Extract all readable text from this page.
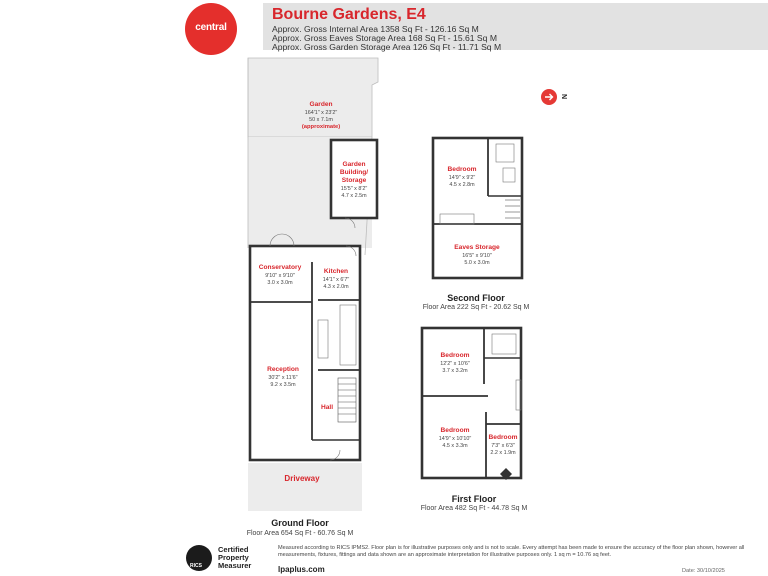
central
Bourne Gardens, E4
Approx. Gross Internal Area 1358 Sq Ft - 126.16 Sq M
Approx. Gross Eaves Storage Area 168 Sq Ft - 15.61 Sq M
Approx. Gross Garden Storage Area 126 Sq Ft - 11.71 Sq M
N
Garden
164'1" x 23'2"
50 x 7.1m
(approximate)
Garden
Building/
Storage
15'5" x 8'2"
4.7 x 2.5m
Conservatory
9'10" x 9'10"
3.0 x 3.0m
Kitchen
14'1" x 6'7"
4.3 x 2.0m
Reception
30'2" x 11'6"
9.2 x 3.5m
Hall
Driveway
Bedroom
14'9" x 9'2"
4.5 x 2.8m
Eaves Storage
16'5" x 9'10"
5.0 x 3.0m
Bedroom
12'2" x 10'6"
3.7 x 3.2m
Bedroom
14'9" x 10'10"
4.5 x 3.3m
Bedroom
7'3" x 6'3"
2.2 x 1.9m
Ground Floor
Floor Area 654 Sq Ft - 60.76 Sq M
Second Floor
Floor Area 222 Sq Ft - 20.62 Sq M
First Floor
Floor Area 482 Sq Ft - 44.78 Sq M
RICS
Certified Property Measurer
Measured according to RICS IPMS2. Floor plan is for illustrative purposes only and is not to scale. Every attempt has been made to ensure the accuracy of the floor plan shown, however all measurements, fixtures, fittings and data shown are an approximate interpretation for illustrative purposes only. 1 sq m = 10.76 sq feet.
lpaplus.com	Date: 30/10/2025
